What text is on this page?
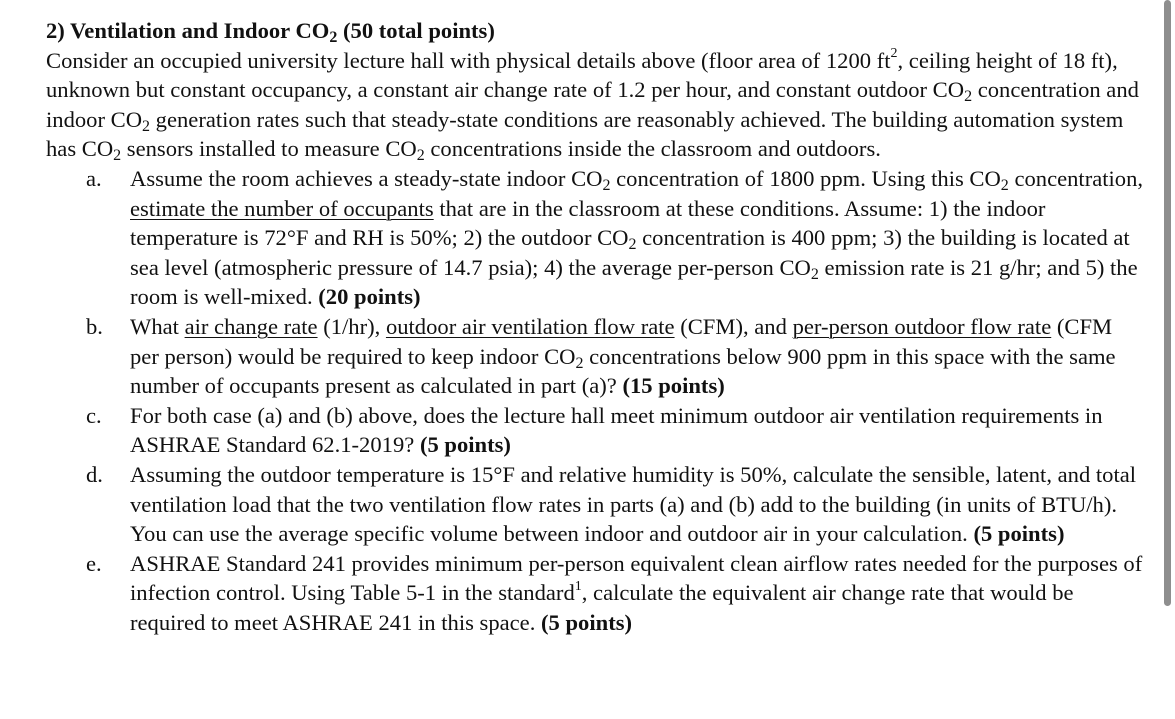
2) Ventilation and Indoor $CO_2$ (50 total points)

Consider an occupied university lecture hall with physical details above (floor area of 1200 $ft^2$, ceiling height of 18 ft), unknown but constant occupancy, a constant air change rate of 1.2 per hour, and constant outdoor $CO_2$ concentration and indoor $CO_2$ generation rates such that steady-state conditions are reasonably achieved. The building automation system has $CO_2$ sensors installed to measure $CO_2$ concentrations inside the classroom and outdoors.

a. Assume the room achieves a steady-state indoor $CO_2$ concentration of 1800 ppm. Using this $CO_2$ concentration, estimate the number of occupants that are in the classroom at these conditions. Assume: 1) the indoor temperature is 72°F and RH is 50%; 2) the outdoor $CO_2$ concentration is 400 ppm; 3) the building is located at sea level (atmospheric pressure of 14.7 psia); 4) the average per-person $CO_2$ emission rate is 21 g/hr; and 5) the room is well-mixed. (20 points)
b. What air change rate (1/hr), outdoor air ventilation flow rate (CFM), and per-person outdoor flow rate (CFM per person) would be required to keep indoor $CO_2$ concentrations below 900 ppm in this space with the same number of occupants present as calculated in part (a)? (15 points)
c. For both case (a) and (b) above, does the lecture hall meet minimum outdoor air ventilation requirements in ASHRAE Standard 62.1-2019? (5 points)
d. Assuming the outdoor temperature is 15°F and relative humidity is 50%, calculate the sensible, latent, and total ventilation load that the two ventilation flow rates in parts (a) and (b) add to the building (in units of BTU/h). You can use the average specific volume between indoor and outdoor air in your calculation. (5 points)
e. ASHRAE Standard 241 provides minimum per-person equivalent clean airflow rates needed for the purposes of infection control. Using Table 5-1 in the standard$^1$, calculate the equivalent air change rate that would be required to meet ASHRAE 241 in this space. (5 points)
